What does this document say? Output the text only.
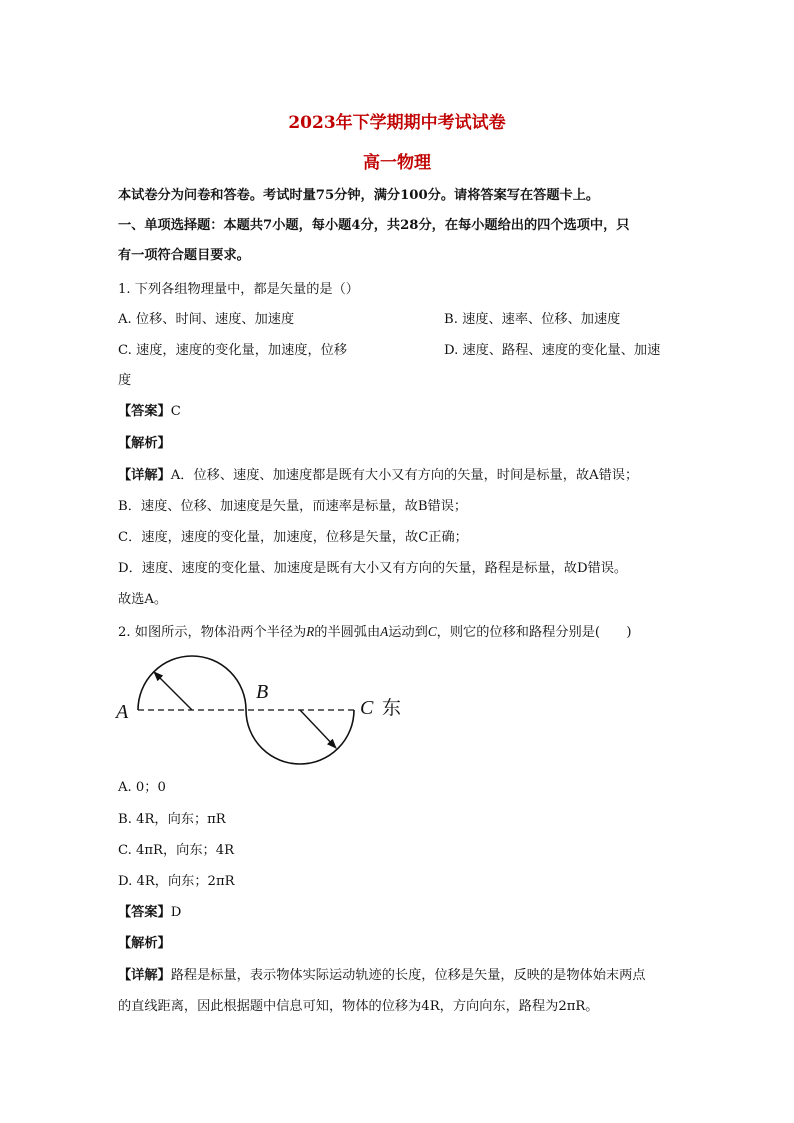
2023年下学期期中考试试卷
高一物理
本试卷分为问卷和答卷。考试时量75分钟，满分100分。请将答案写在答题卡上。
一、单项选择题：本题共7小题，每小题4分，共28分，在每小题给出的四个选项中，只
有一项符合题目要求。
1. 下列各组物理量中，都是矢量的是（）
A. 位移、时间、速度、加速度	B. 速度、速率、位移、加速度
C. 速度，速度的变化量，加速度，位移	D. 速度、路程、速度的变化量、加速
度
【答案】C
【解析】
【详解】A．位移、速度、加速度都是既有大小又有方向的矢量，时间是标量，故A错误；
B．速度、位移、加速度是矢量，而速率是标量，故B错误；
C．速度，速度的变化量，加速度，位移是矢量，故C正确；
D．速度、速度的变化量、加速度是既有大小又有方向的矢量，路程是标量，故D错误。
故选A。
2. 如图所示，物体沿两个半径为R的半圆弧由A运动到C，则它的位移和路程分别是(　　)
A
B
C 东
A. 0；0
B. 4R，向东；πR
C. 4πR，向东；4R
D. 4R，向东；2πR
【答案】D
【解析】
【详解】路程是标量，表示物体实际运动轨迹的长度，位移是矢量，反映的是物体始末两点
的直线距离，因此根据题中信息可知，物体的位移为4R，方向向东，路程为2πR。
